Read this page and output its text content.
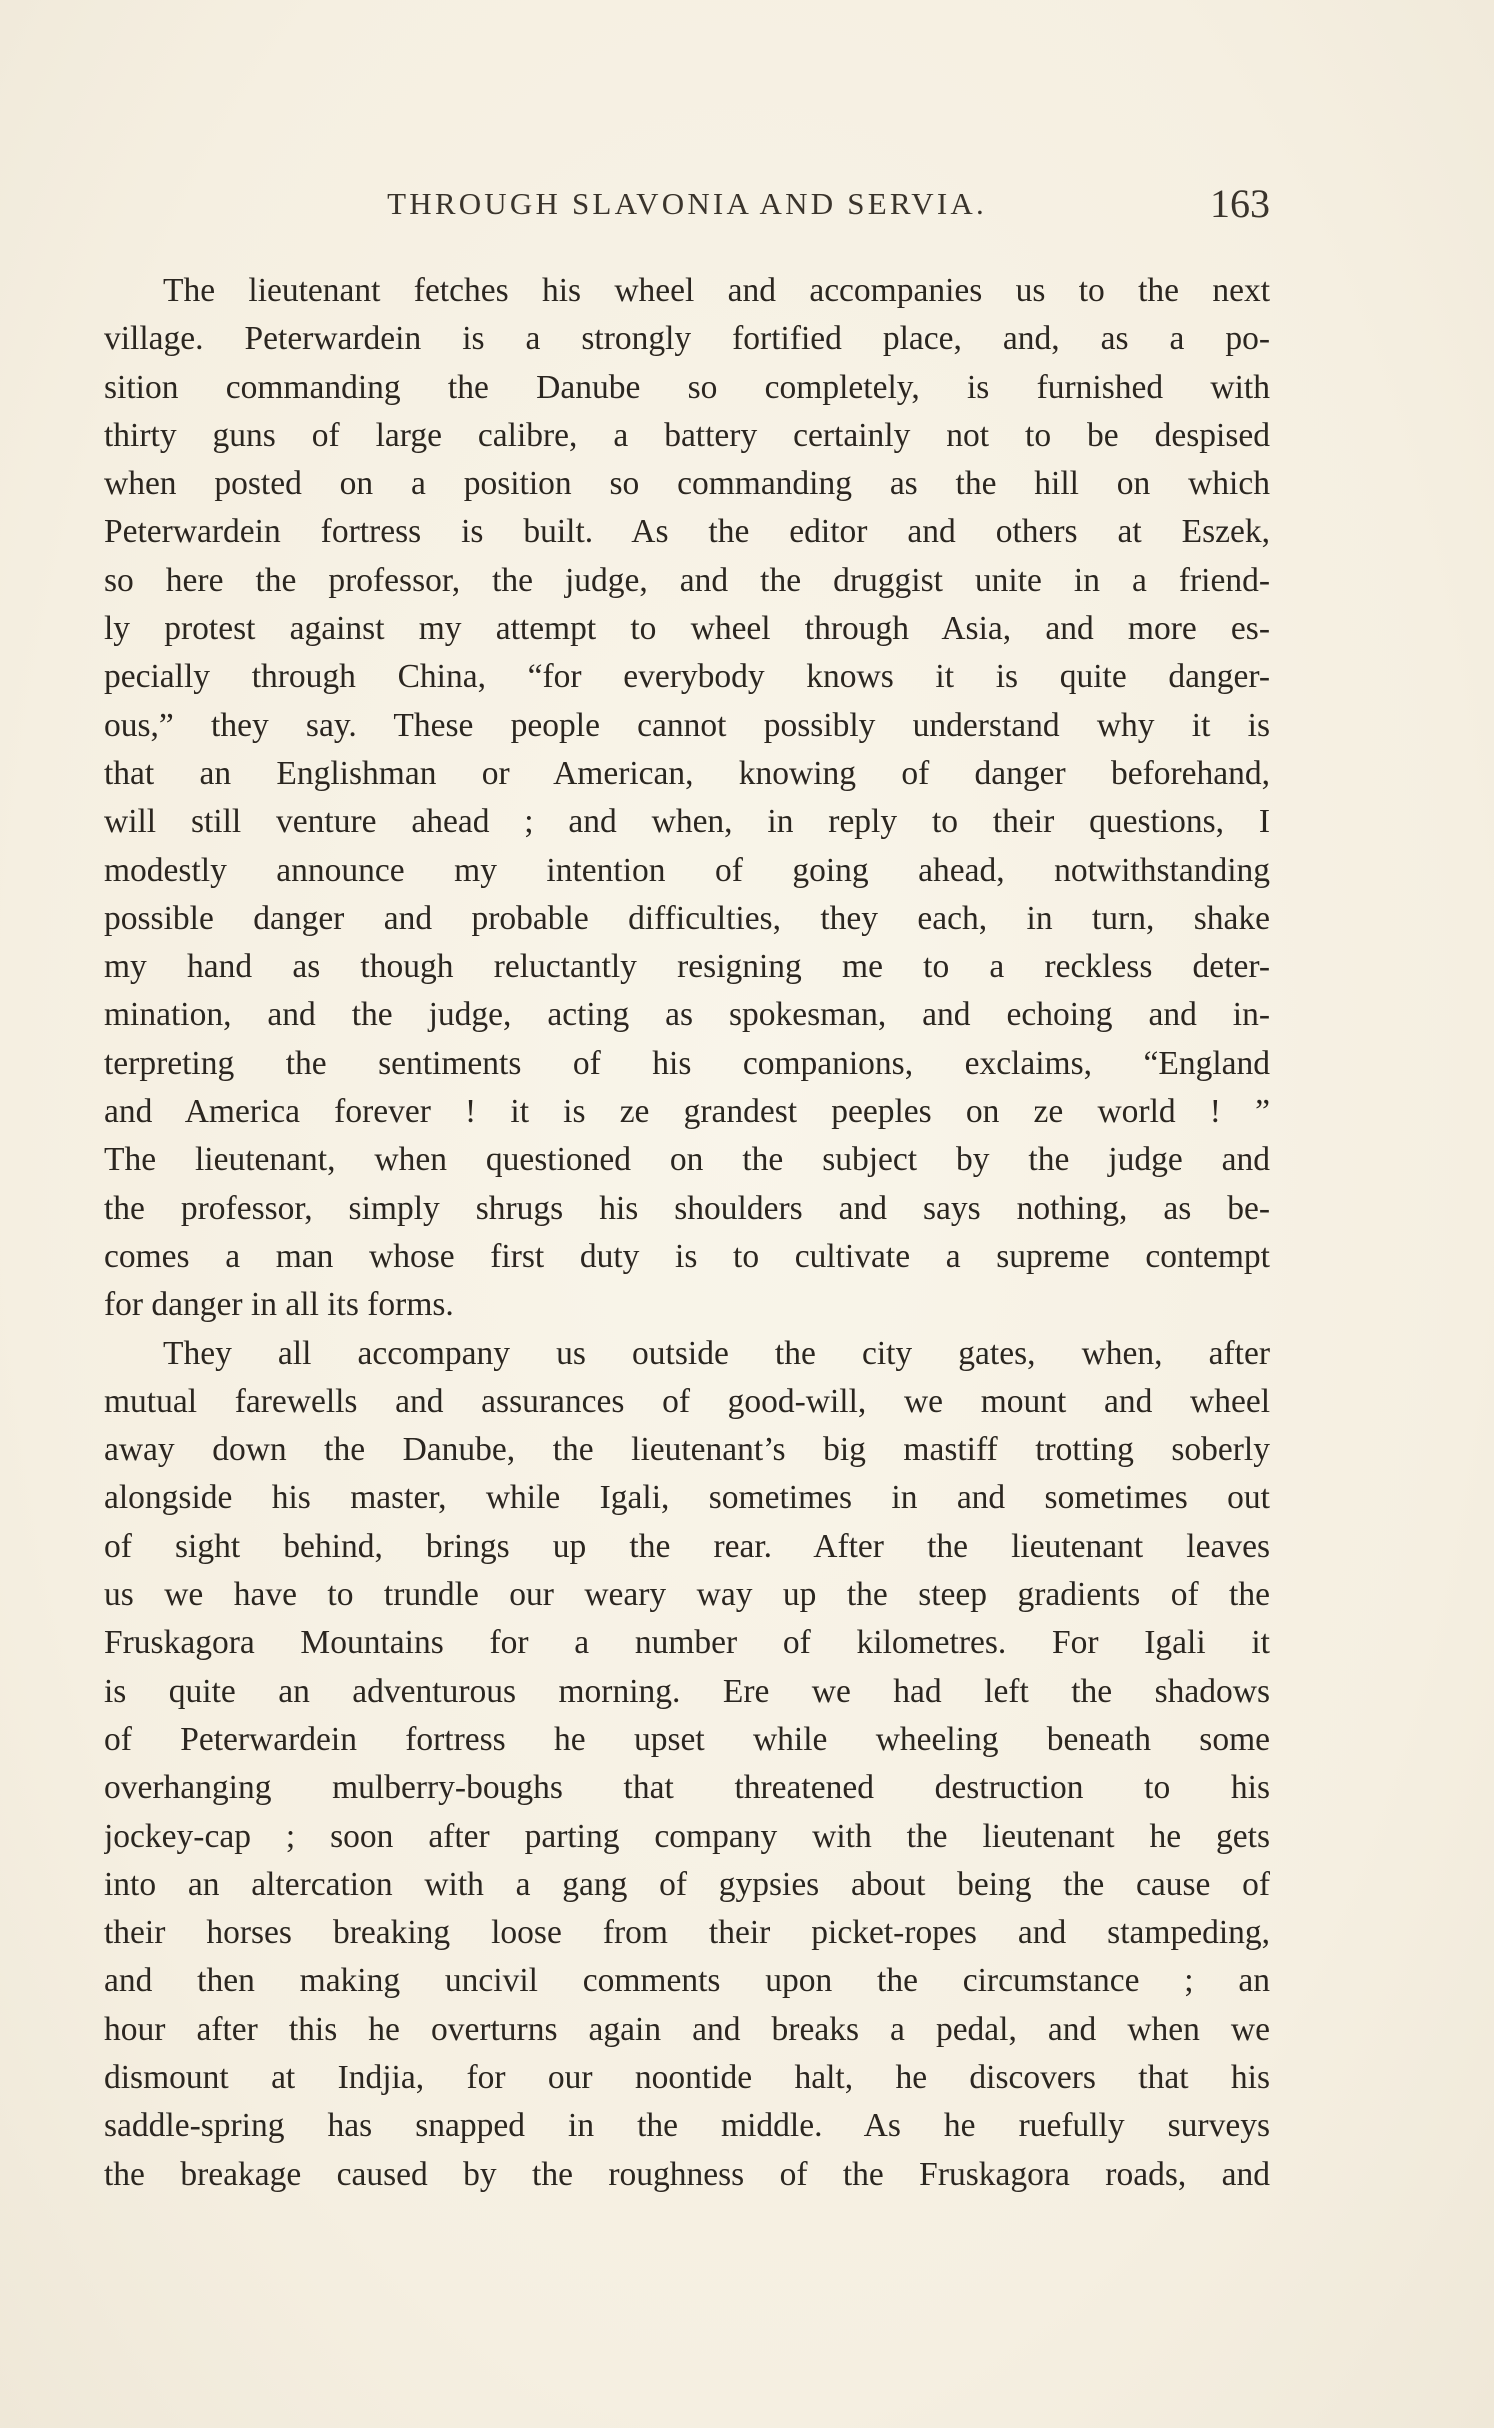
THROUGH SLAVONIA AND SERVIA.	163
The lieutenant fetches his wheel and accompanies us to the next
village. Peterwardein is a strongly fortified place, and, as a po-
sition commanding the Danube so completely, is furnished with
thirty guns of large calibre, a battery certainly not to be despised
when posted on a position so commanding as the hill on which
Peterwardein fortress is built. As the editor and others at Eszek,
so here the professor, the judge, and the druggist unite in a friend-
ly protest against my attempt to wheel through Asia, and more es-
pecially through China, “for everybody knows it is quite danger-
ous,” they say. These people cannot possibly understand why it is
that an Englishman or American, knowing of danger beforehand,
will still venture ahead ; and when, in reply to their questions, I
modestly announce my intention of going ahead, notwithstanding
possible danger and probable difficulties, they each, in turn, shake
my hand as though reluctantly resigning me to a reckless deter-
mination, and the judge, acting as spokesman, and echoing and in-
terpreting the sentiments of his companions, exclaims, “England
and America forever ! it is ze grandest peeples on ze world ! ”
The lieutenant, when questioned on the subject by the judge and
the professor, simply shrugs his shoulders and says nothing, as be-
comes a man whose first duty is to cultivate a supreme contempt
for danger in all its forms.
They all accompany us outside the city gates, when, after
mutual farewells and assurances of good-will, we mount and wheel
away down the Danube, the lieutenant’s big mastiff trotting soberly
alongside his master, while Igali, sometimes in and sometimes out
of sight behind, brings up the rear. After the lieutenant leaves
us we have to trundle our weary way up the steep gradients of the
Fruskagora Mountains for a number of kilometres. For Igali it
is quite an adventurous morning. Ere we had left the shadows
of Peterwardein fortress he upset while wheeling beneath some
overhanging mulberry-boughs that threatened destruction to his
jockey-cap ; soon after parting company with the lieutenant he gets
into an altercation with a gang of gypsies about being the cause of
their horses breaking loose from their picket-ropes and stampeding,
and then making uncivil comments upon the circumstance ; an
hour after this he overturns again and breaks a pedal, and when we
dismount at Indjia, for our noontide halt, he discovers that his
saddle-spring has snapped in the middle. As he ruefully surveys
the breakage caused by the roughness of the Fruskagora roads, and
